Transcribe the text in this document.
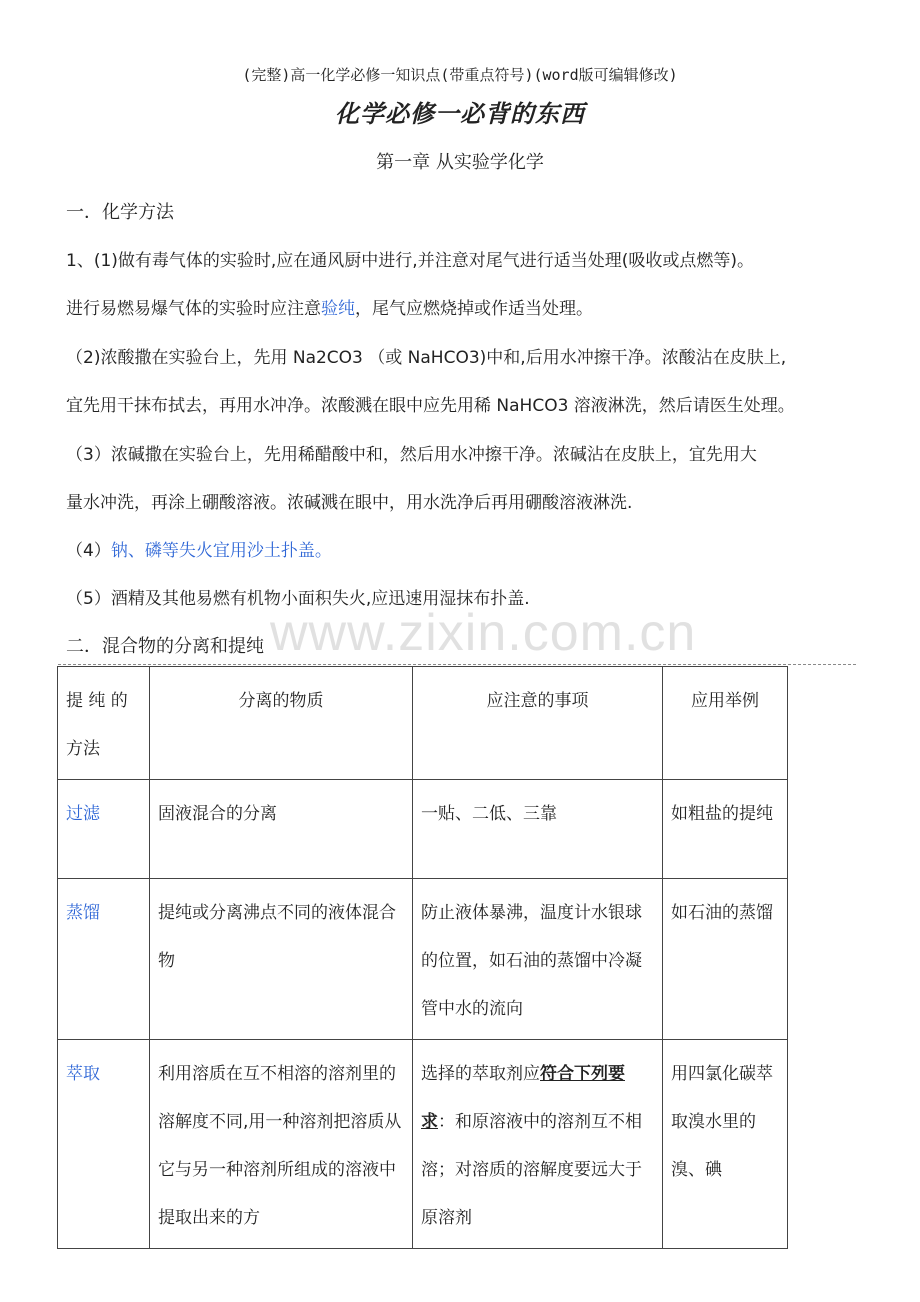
(完整)高一化学必修一知识点(带重点符号)(word版可编辑修改)
化学必修一必背的东西
第一章 从实验学化学
一．化学方法
1、(1)做有毒气体的实验时,应在通风厨中进行,并注意对尾气进行适当处理(吸收或点燃等)。
进行易燃易爆气体的实验时应注意验纯，尾气应燃烧掉或作适当处理。
（2)浓酸撒在实验台上，先用 Na2CO3 （或 NaHCO3)中和,后用水冲擦干净。浓酸沾在皮肤上,
宜先用干抹布拭去，再用水冲净。浓酸溅在眼中应先用稀 NaHCO3 溶液淋洗，然后请医生处理。
（3）浓碱撒在实验台上，先用稀醋酸中和，然后用水冲擦干净。浓碱沾在皮肤上，宜先用大
量水冲洗，再涂上硼酸溶液。浓碱溅在眼中，用水洗净后再用硼酸溶液淋洗.
（4）钠、磷等失火宜用沙土扑盖。
（5）酒精及其他易燃有机物小面积失火,应迅速用湿抹布扑盖.
www.zixin.com.cn
二．混合物的分离和提纯
提 纯 的方法	分离的物质	应注意的事项	应用举例
过滤	固液混合的分离	一贴、二低、三靠	如粗盐的提纯
蒸馏	提纯或分离沸点不同的液体混合物	防止液体暴沸，温度计水银球的位置，如石油的蒸馏中冷凝管中水的流向	如石油的蒸馏
萃取	利用溶质在互不相溶的溶剂里的溶解度不同,用一种溶剂把溶质从它与另一种溶剂所组成的溶液中提取出来的方	选择的萃取剂应符合下列要求：和原溶液中的溶剂互不相溶；对溶质的溶解度要远大于原溶剂	用四氯化碳萃取溴水里的溴、碘
